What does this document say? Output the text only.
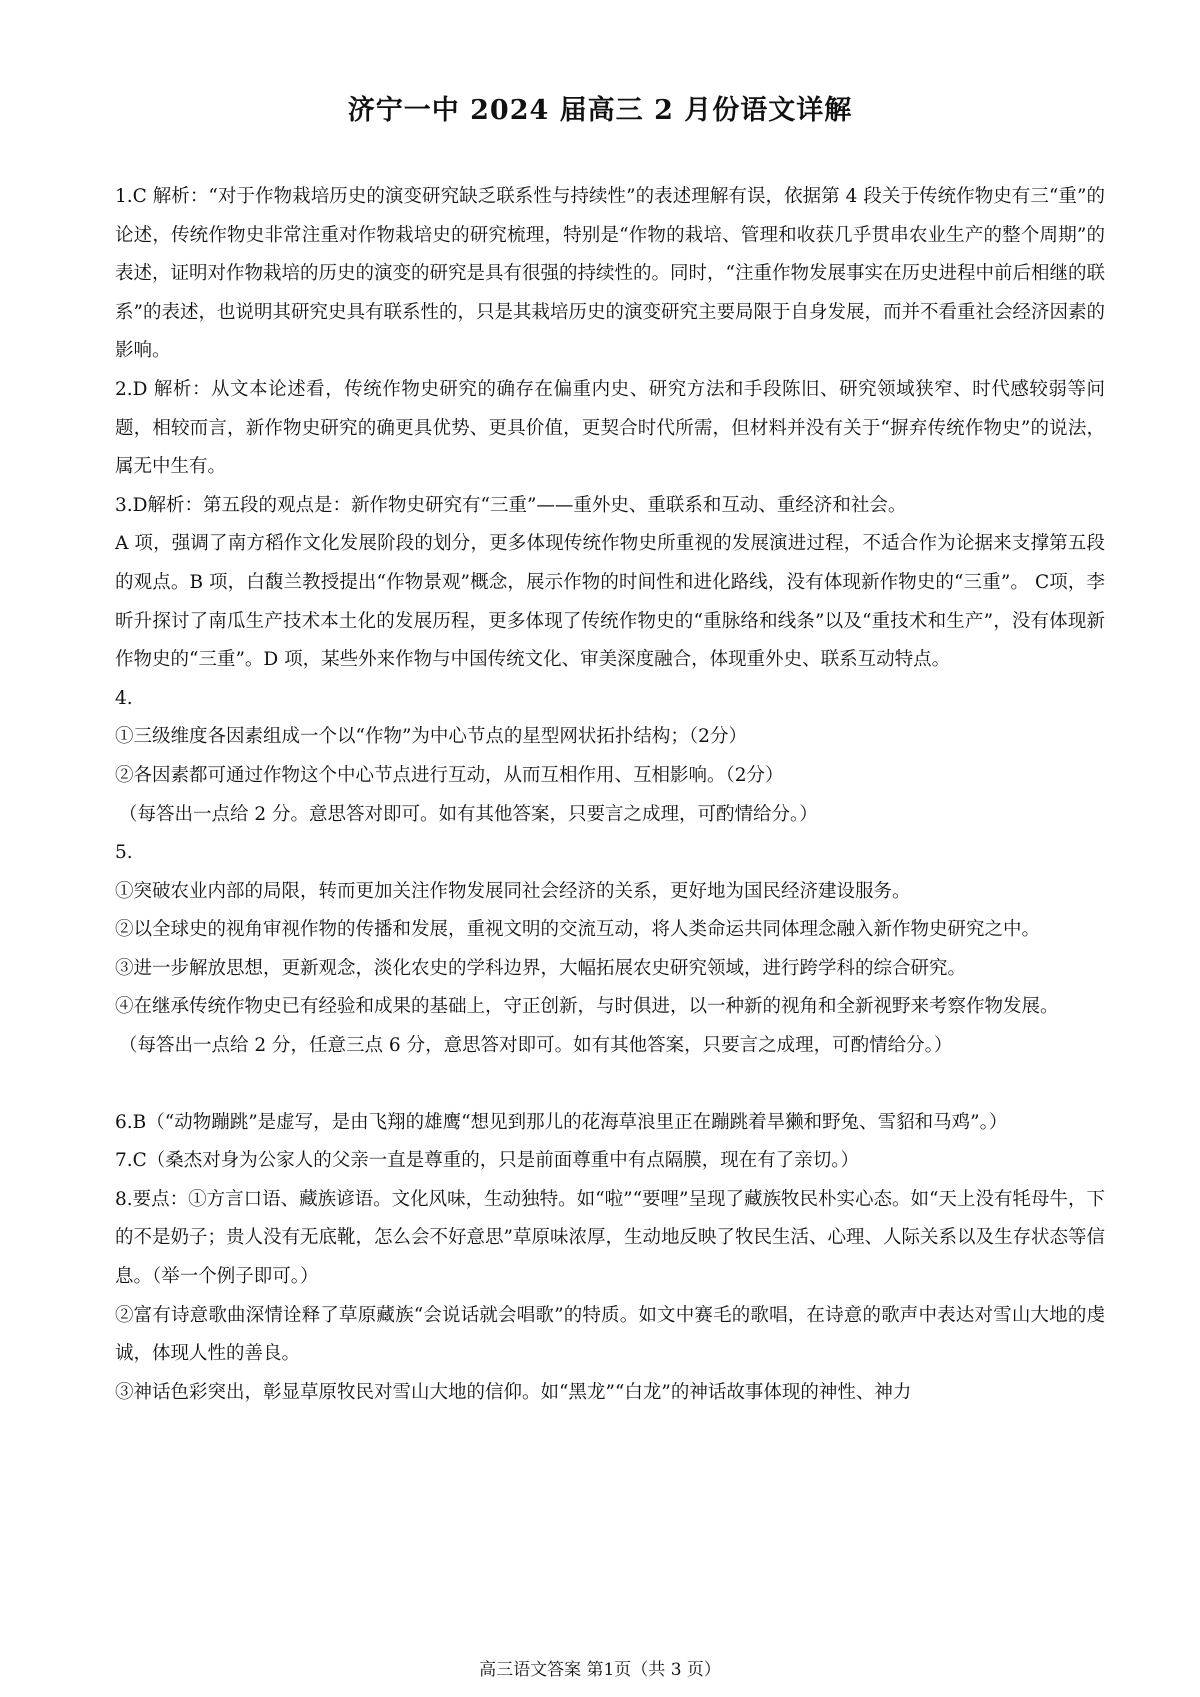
济宁一中 2024 届高三 2 月份语文详解

1.C 解析：“对于作物栽培历史的演变研究缺乏联系性与持续性”的表述理解有误，依据第 4 段关于传统作物史有三“重”的论述，传统作物史非常注重对作物栽培史的研究梳理，特别是“作物的栽培、管理和收获几乎贯串农业生产的整个周期”的表述，证明对作物栽培的历史的演变的研究是具有很强的持续性的。同时，“注重作物发展事实在历史进程中前后相继的联系”的表述，也说明其研究史具有联系性的，只是其栽培历史的演变研究主要局限于自身发展，而并不看重社会经济因素的影响。

2.D 解析：从文本论述看，传统作物史研究的确存在偏重内史、研究方法和手段陈旧、研究领域狭窄、时代感较弱等问题，相较而言，新作物史研究的确更具优势、更具价值，更契合时代所需，但材料并没有关于“摒弃传统作物史”的说法，属无中生有。

3.D解析：第五段的观点是：新作物史研究有“三重”——重外史、重联系和互动、重经济和社会。

A 项，强调了南方稻作文化发展阶段的划分，更多体现传统作物史所重视的发展演进过程，不适合作为论据来支撑第五段的观点。B 项，白馥兰教授提出“作物景观”概念，展示作物的时间性和进化路线，没有体现新作物史的“三重”。 C项，李昕升探讨了南瓜生产技术本土化的发展历程，更多体现了传统作物史的“重脉络和线条”以及“重技术和生产”，没有体现新作物史的“三重”。D 项，某些外来作物与中国传统文化、审美深度融合，体现重外史、联系互动特点。

4.

①三级维度各因素组成一个以“作物”为中心节点的星型网状拓扑结构；（2分）

②各因素都可通过作物这个中心节点进行互动，从而互相作用、互相影响。（2分）

（每答出一点给 2 分。意思答对即可。如有其他答案，只要言之成理，可酌情给分。）

5.

①突破农业内部的局限，转而更加关注作物发展同社会经济的关系，更好地为国民经济建设服务。

②以全球史的视角审视作物的传播和发展，重视文明的交流互动，将人类命运共同体理念融入新作物史研究之中。

③进一步解放思想，更新观念，淡化农史的学科边界，大幅拓展农史研究领域，进行跨学科的综合研究。

④在继承传统作物史已有经验和成果的基础上，守正创新，与时俱进，以一种新的视角和全新视野来考察作物发展。

（每答出一点给 2 分，任意三点 6 分，意思答对即可。如有其他答案，只要言之成理，可酌情给分。）

6.B（“动物蹦跳”是虚写，是由飞翔的雄鹰“想见到那儿的花海草浪里正在蹦跳着旱獭和野兔、雪貂和马鸡”。）

7.C（桑杰对身为公家人的父亲一直是尊重的，只是前面尊重中有点隔膜，现在有了亲切。）

8.要点：①方言口语、藏族谚语。文化风味，生动独特。如“啦”“要哩”呈现了藏族牧民朴实心态。如“天上没有牦母牛，下的不是奶子；贵人没有无底靴，怎么会不好意思”草原味浓厚，生动地反映了牧民生活、心理、人际关系以及生存状态等信息。（举一个例子即可。）

②富有诗意歌曲深情诠释了草原藏族“会说话就会唱歌”的特质。如文中赛毛的歌唱，在诗意的歌声中表达对雪山大地的虔诚，体现人性的善良。

③神话色彩突出，彰显草原牧民对雪山大地的信仰。如“黑龙”“白龙”的神话故事体现的神性、神力

高三语文答案 第1页（共 3 页）
